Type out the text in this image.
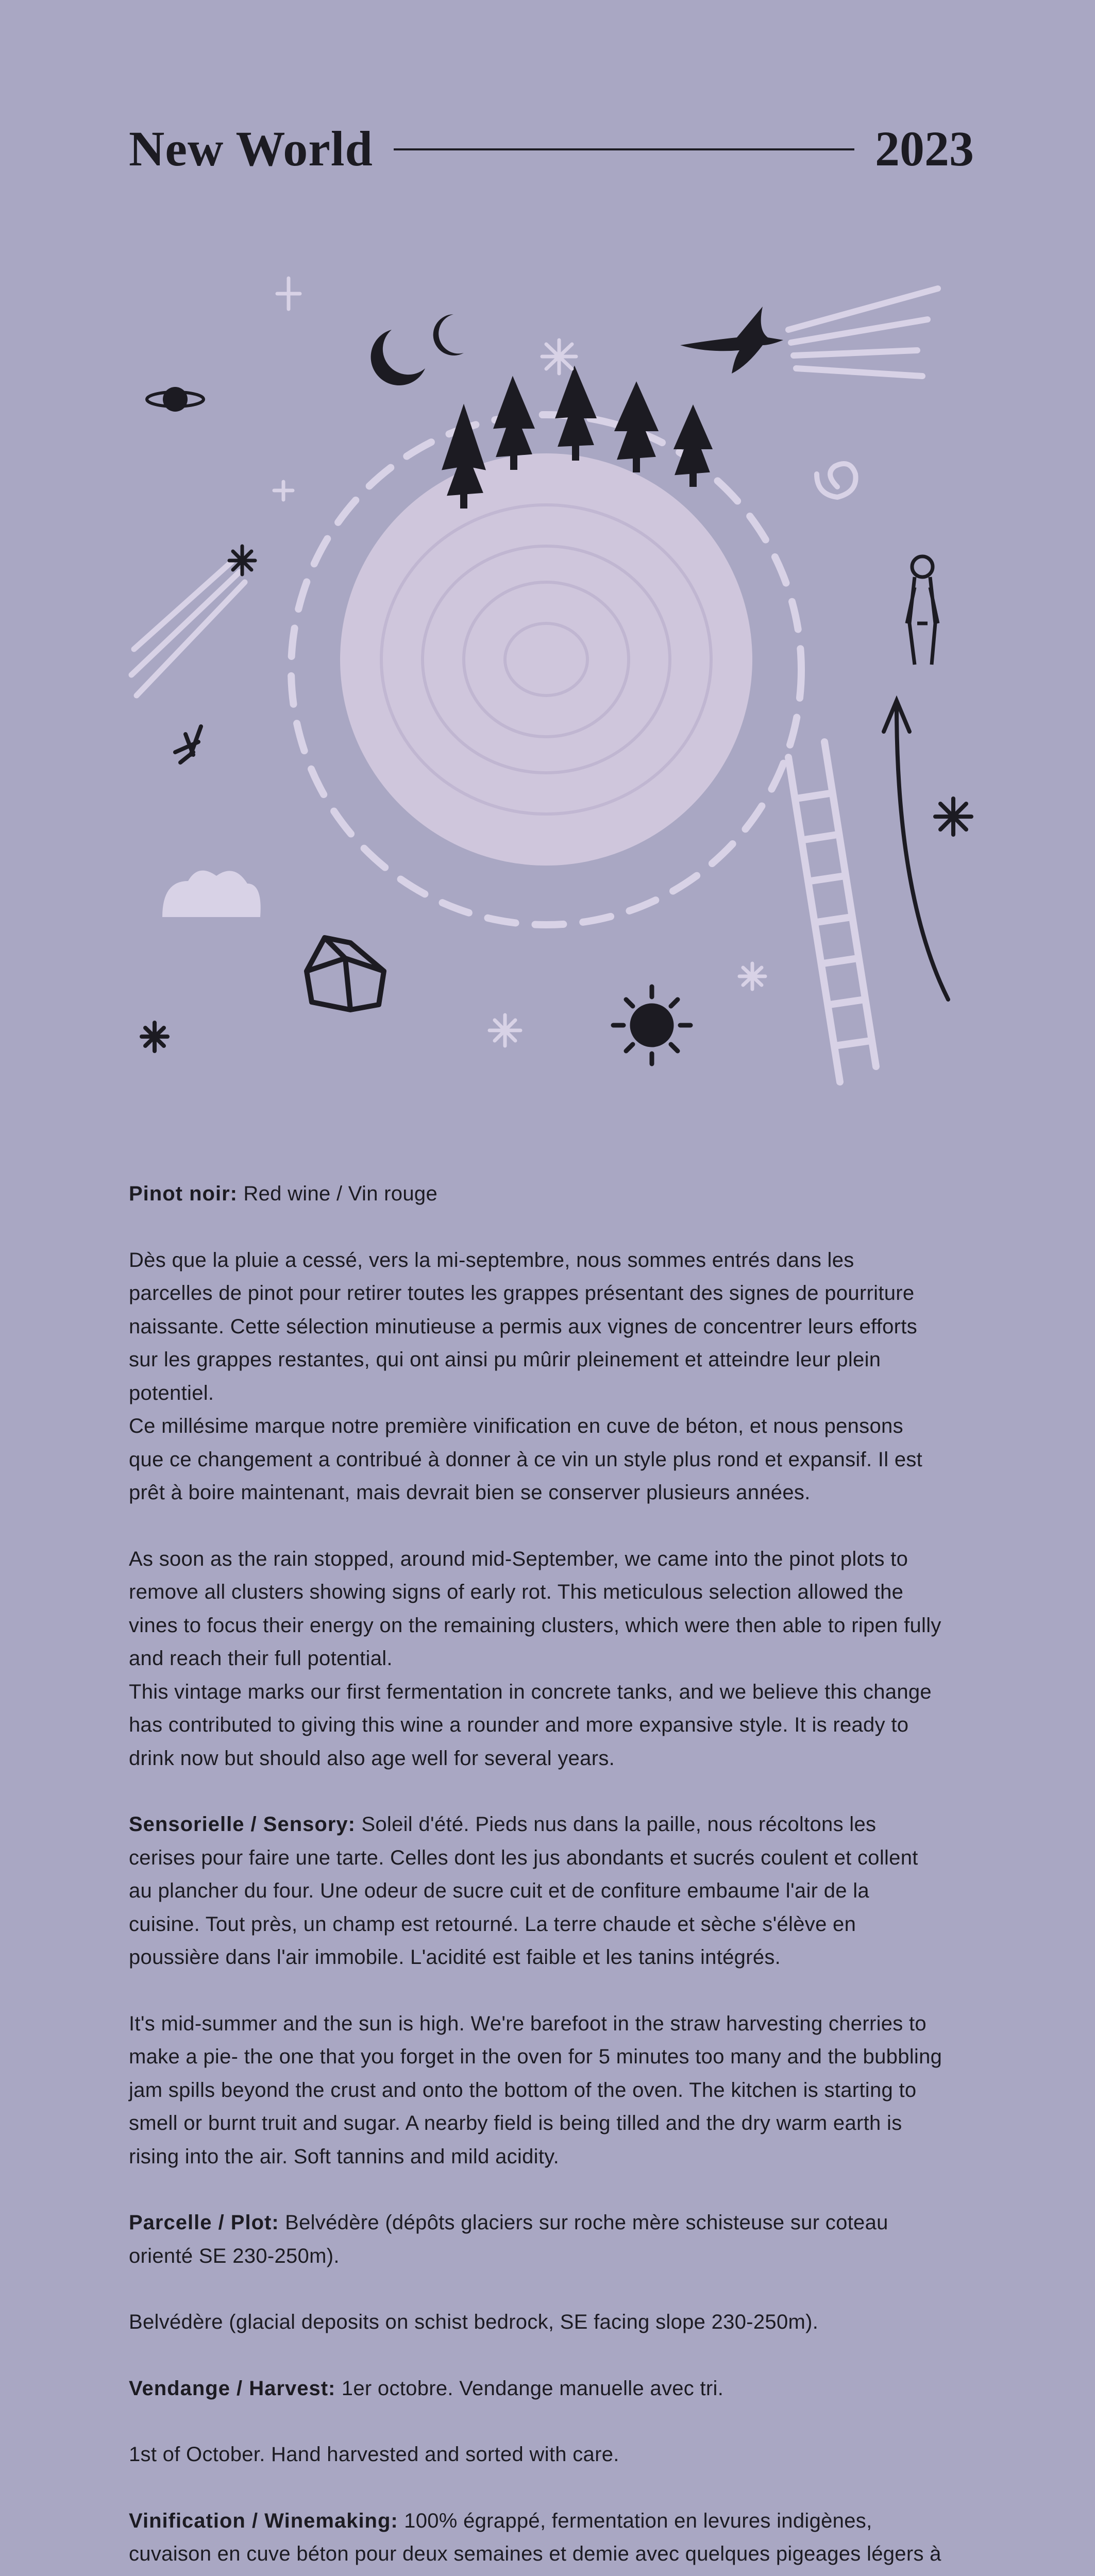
New World	2023

Pinot noir: Red wine / Vin rouge

Dès que la pluie a cessé, vers la mi-septembre, nous sommes entrés dans les parcelles de pinot pour retirer toutes les grappes présentant des signes de pourriture naissante. Cette sélection minutieuse a permis aux vignes de concentrer leurs efforts sur les grappes restantes, qui ont ainsi pu mûrir pleinement et atteindre leur plein potentiel.
Ce millésime marque notre première vinification en cuve de béton, et nous pensons que ce changement a contribué à donner à ce vin un style plus rond et expansif. Il est prêt à boire maintenant, mais devrait bien se conserver plusieurs années.

As soon as the rain stopped, around mid-September, we came into the pinot plots to remove all clusters showing signs of early rot. This meticulous selection allowed the vines to focus their energy on the remaining clusters, which were then able to ripen fully and reach their full potential.
This vintage marks our first fermentation in concrete tanks, and we believe this change has contributed to giving this wine a rounder and more expansive style. It is ready to drink now but should also age well for several years.

Sensorielle / Sensory: Soleil d'été. Pieds nus dans la paille, nous récoltons les cerises pour faire une tarte. Celles dont les jus abondants et sucrés coulent et collent au plancher du four. Une odeur de sucre cuit et de confiture embaume l'air de la cuisine. Tout près, un champ est retourné. La terre chaude et sèche s'élève en poussière dans l'air immobile. L'acidité est faible et les tanins intégrés.

It's mid-summer and the sun is high. We're barefoot in the straw harvesting cherries to make a pie- the one that you forget in the oven for 5 minutes too many and the bubbling jam spills beyond the crust and onto the bottom of the oven. The kitchen is starting to smell or burnt truit and sugar. A nearby field is being tilled and the dry warm earth is rising into the air. Soft tannins and mild acidity.

Parcelle / Plot: Belvédère (dépôts glaciers sur roche mère schisteuse sur coteau orienté SE 230-250m).

Belvédère (glacial deposits on schist bedrock, SE facing slope 230-250m).

Vendange / Harvest: 1er octobre. Vendange manuelle avec tri.

1st of October. Hand harvested and sorted with care.

Vinification / Winemaking: 100% égrappé, fermentation en levures indigènes, cuvaison en cuve béton pour deux semaines et demie avec quelques pigeages légers à
